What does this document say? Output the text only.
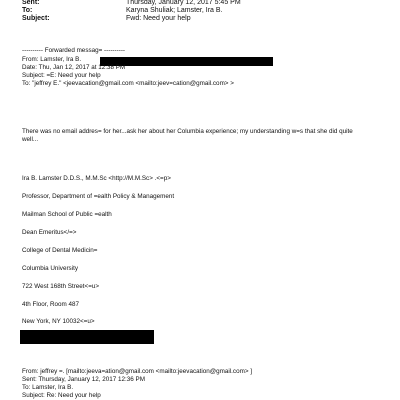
Sent:	Thursday, January 12, 2017 5:45 PM
To:	Karyna Shuliak; Lamster, Ira B.
Subject:	Fwd: Need your help
---------- Forwarded messag= ----------
From: Lamster, Ira B.
Date: Thu, Jan 12, 2017 at 12:38 PM
Subject: =E: Need your help
To: "jeffrey E." <jeevacation@gmail.com <mailto:jeev=cation@gmail.com> >
There was no email addres= for her...ask her about her Columbia experience; my understanding w=s that she did quite
well...
Ira B. Lamster D.D.S., M.M.Sc <http://M.M.Sc> .<=p>
Professor, Department of =ealth Policy & Management
Mailman School of Public =ealth
Dean Emeritus</=>
College of Dental Medicin=
Columbia University
722 West 168th Street<=u>
4th Floor, Room 487
New York, NY 10032<=u>
From: jeffrey =. [mailto:jeeva=ation@gmail.com <mailto:jeevacation@gmail.com> ]
Sent: Thursday, January 12, 2017 12:36 PM
To: Lamster, Ira B.
Subject: Re: Need your help
